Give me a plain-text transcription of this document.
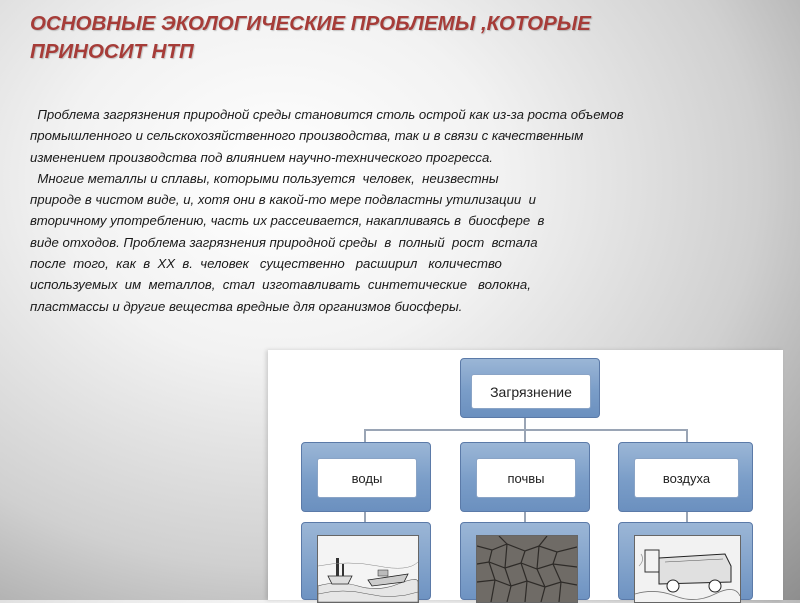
ОСНОВНЫЕ ЭКОЛОГИЧЕСКИЕ ПРОБЛЕМЫ ,КОТОРЫЕ
ПРИНОСИТ НТП
Проблема загрязнения природной среды становится столь острой как из-за роста объемов
промышленного и сельскохозяйственного производства, так и в связи с качественным
изменением производства под влиянием научно-технического прогресса.
Многие металлы и сплавы, которыми пользуется  человек,  неизвестны
природе в чистом виде, и, хотя они в какой-то мере подвластны утилизации  и
вторичному употреблению, часть их рассеивается, накапливаясь в  биосфере  в
виде отходов. Проблема загрязнения природной среды  в  полный  рост  встала
после  того,  как  в  XX  в.  человек   существенно   расширил   количество
используемых  им  металлов,  стал  изготавливать  синтетические   волокна,
пластмассы и другие вещества вредные для организмов биосферы.
Загрязнение
воды	почвы	воздуха
